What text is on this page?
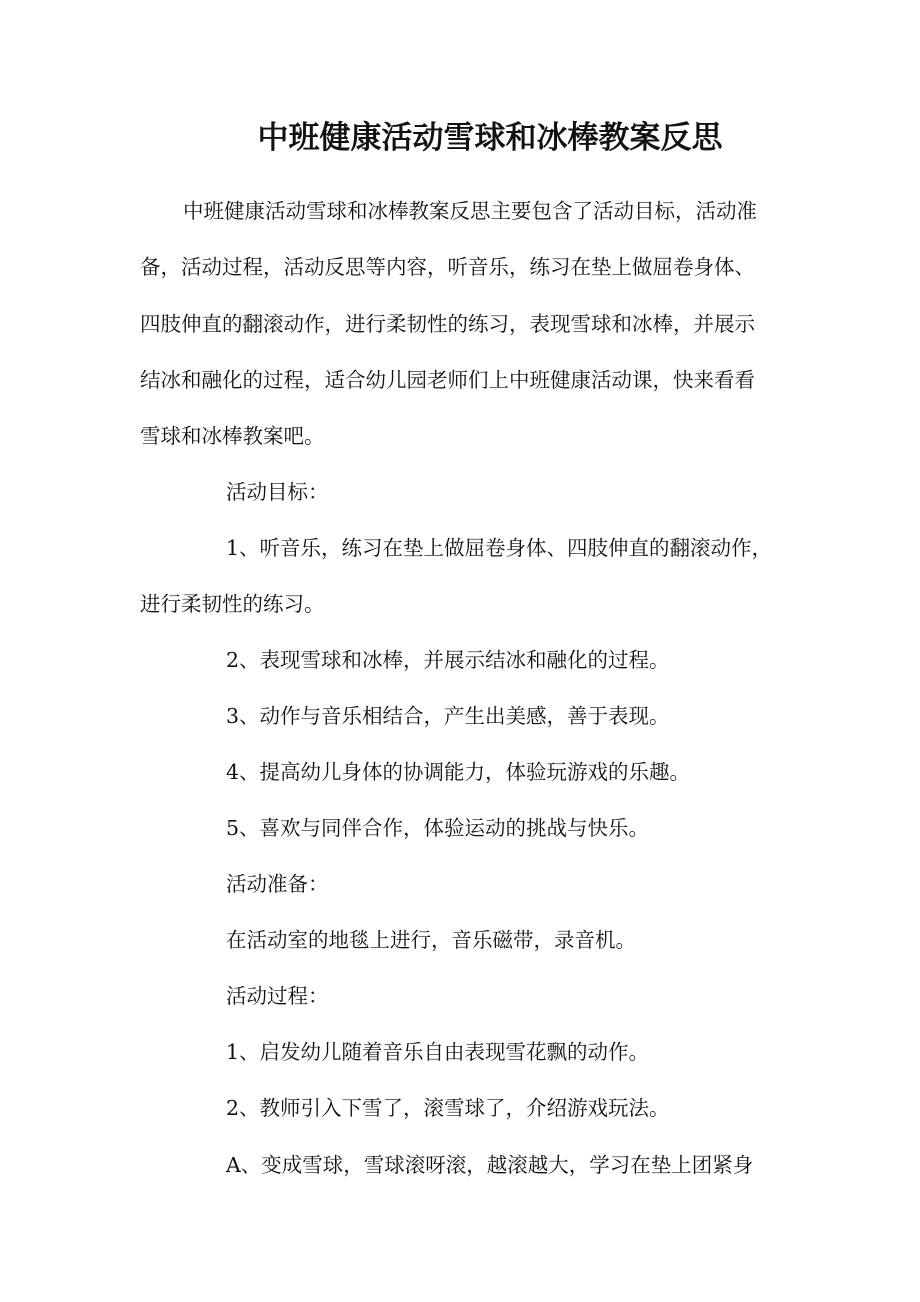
中班健康活动雪球和冰棒教案反思
中班健康活动雪球和冰棒教案反思主要包含了活动目标，活动准
备，活动过程，活动反思等内容，听音乐，练习在垫上做屈卷身体、
四肢伸直的翻滚动作，进行柔韧性的练习，表现雪球和冰棒，并展示
结冰和融化的过程，适合幼儿园老师们上中班健康活动课，快来看看
雪球和冰棒教案吧。
活动目标：
1、听音乐，练习在垫上做屈卷身体、四肢伸直的翻滚动作，
进行柔韧性的练习。
2、表现雪球和冰棒，并展示结冰和融化的过程。
3、动作与音乐相结合，产生出美感，善于表现。
4、提高幼儿身体的协调能力，体验玩游戏的乐趣。
5、喜欢与同伴合作，体验运动的挑战与快乐。
活动准备：
在活动室的地毯上进行，音乐磁带，录音机。
活动过程：
1、启发幼儿随着音乐自由表现雪花飘的动作。
2、教师引入下雪了，滚雪球了，介绍游戏玩法。
A、变成雪球，雪球滚呀滚，越滚越大，学习在垫上团紧身
